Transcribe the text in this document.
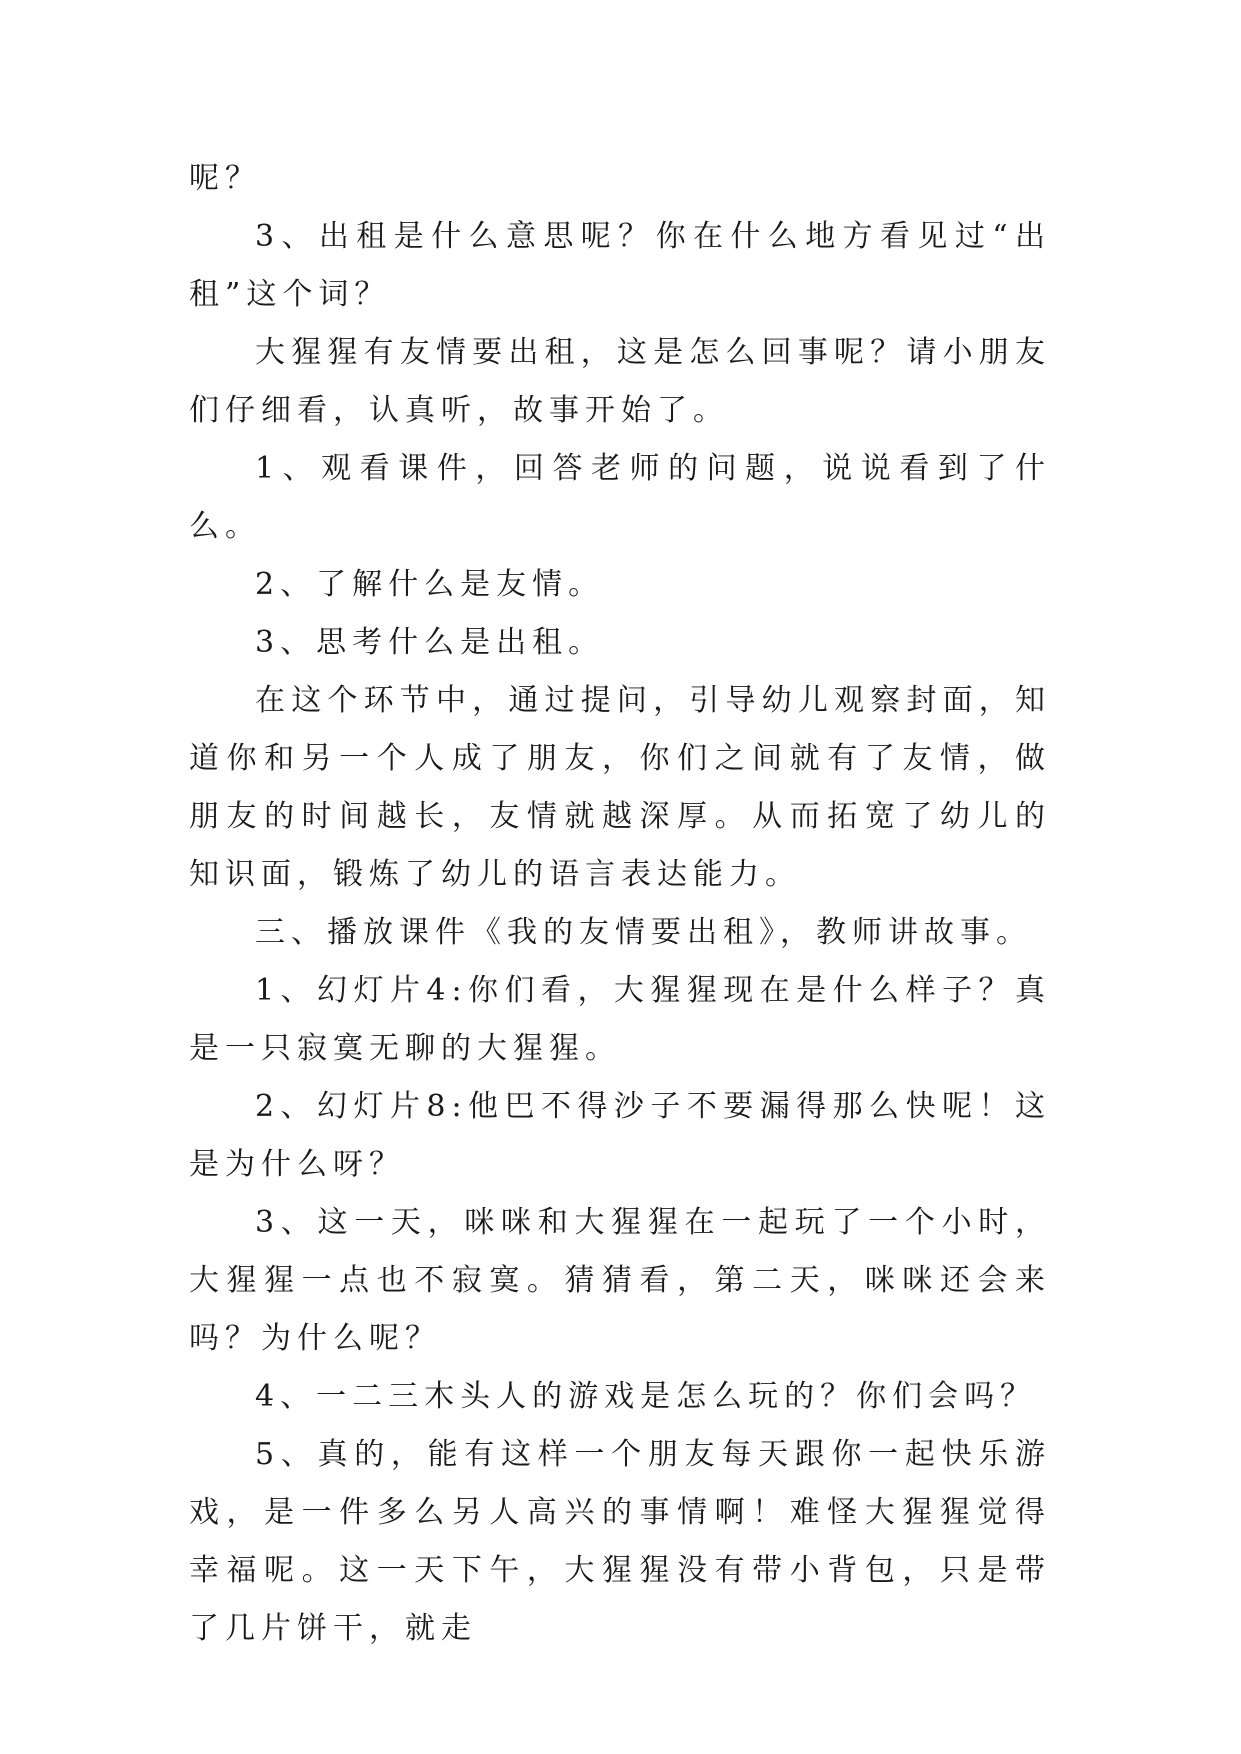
呢？

3、出租是什么意思呢？你在什么地方看见过“出租”这个词？

大猩猩有友情要出租，这是怎么回事呢？请小朋友们仔细看，认真听，故事开始了。

1、观看课件，回答老师的问题，说说看到了什么。

2、了解什么是友情。

3、思考什么是出租。

在这个环节中，通过提问，引导幼儿观察封面，知道你和另一个人成了朋友，你们之间就有了友情，做朋友的时间越长，友情就越深厚。从而拓宽了幼儿的知识面，锻炼了幼儿的语言表达能力。

三、播放课件《我的友情要出租》，教师讲故事。

1、幻灯片4:你们看，大猩猩现在是什么样子？真是一只寂寞无聊的大猩猩。

2、幻灯片8:他巴不得沙子不要漏得那么快呢！这是为什么呀？

3、这一天，咪咪和大猩猩在一起玩了一个小时，大猩猩一点也不寂寞。猜猜看，第二天，咪咪还会来吗？为什么呢？

4、一二三木头人的游戏是怎么玩的？你们会吗？

5、真的，能有这样一个朋友每天跟你一起快乐游戏，是一件多么另人高兴的事情啊！难怪大猩猩觉得幸福呢。这一天下午，大猩猩没有带小背包，只是带了几片饼干，就走
